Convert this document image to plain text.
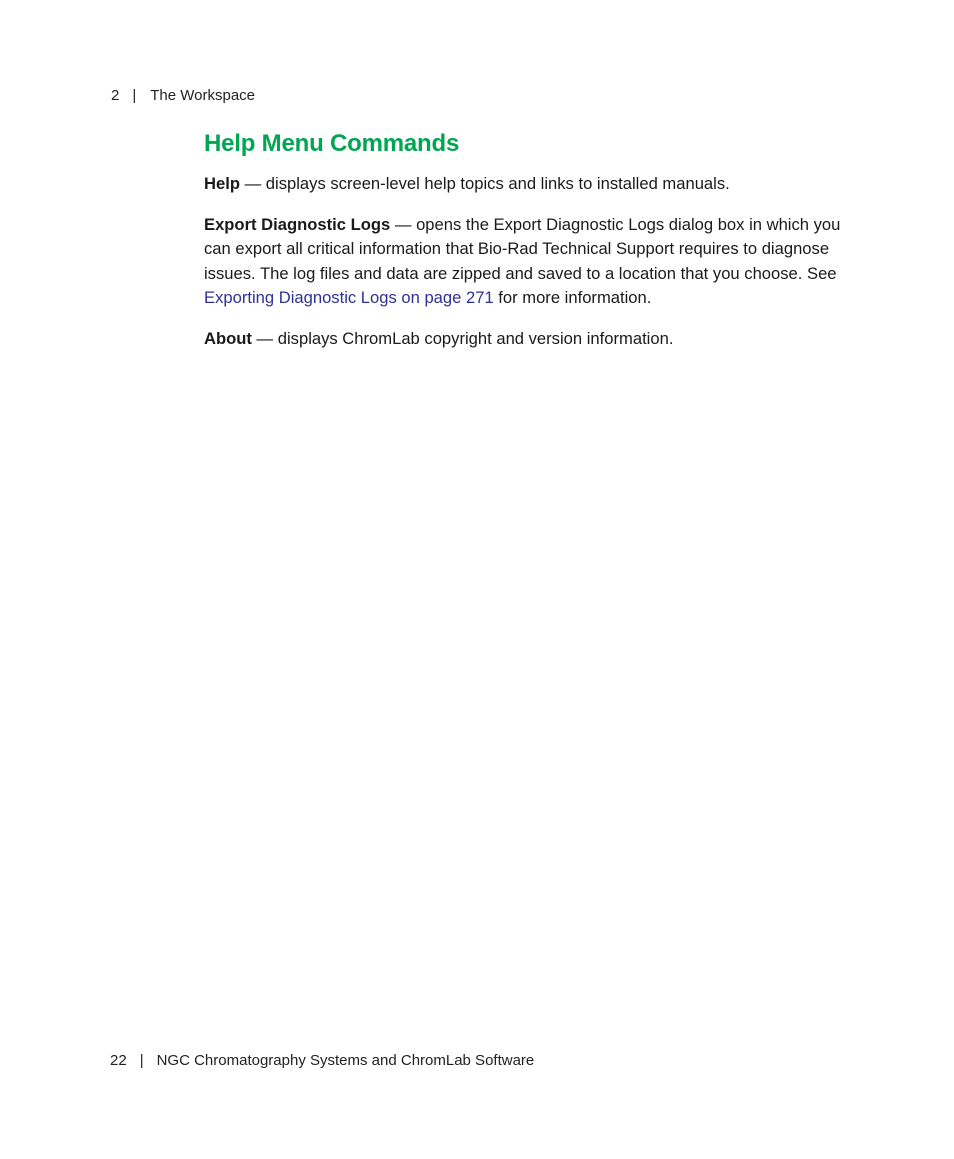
2 | The Workspace
Help Menu Commands

Help — displays screen-level help topics and links to installed manuals.

Export Diagnostic Logs — opens the Export Diagnostic Logs dialog box in which you can export all critical information that Bio-Rad Technical Support requires to diagnose issues. The log files and data are zipped and saved to a location that you choose. See Exporting Diagnostic Logs on page 271 for more information.

About — displays ChromLab copyright and version information.

22 | NGC Chromatography Systems and ChromLab Software
